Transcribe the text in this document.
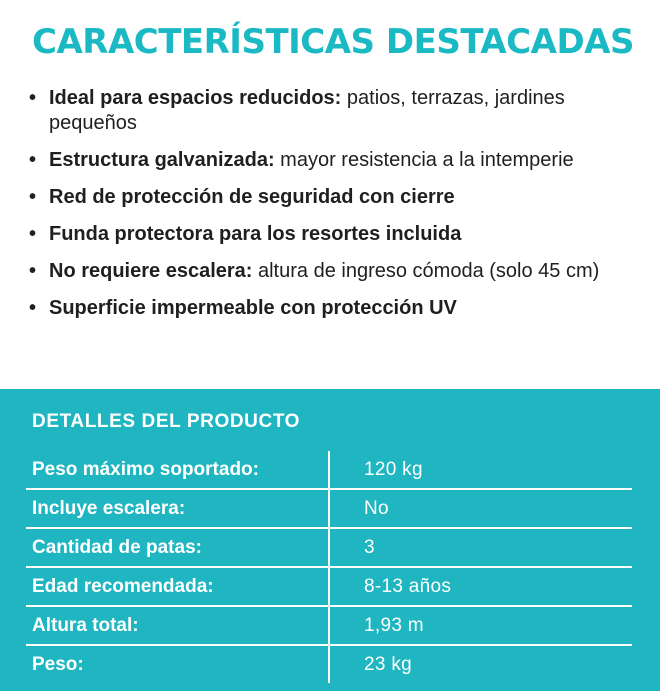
CARACTERÍSTICAS DESTACADAS
• Ideal para espacios reducidos: patios, terrazas, jardines pequeños
• Estructura galvanizada: mayor resistencia a la intemperie
• Red de protección de seguridad con cierre
• Funda protectora para los resortes incluida
• No requiere escalera: altura de ingreso cómoda (solo 45 cm)
• Superficie impermeable con protección UV
DETALLES DEL PRODUCTO
Peso máximo soportado:	120 kg
Incluye escalera:	No
Cantidad de patas:	3
Edad recomendada:	8-13 años
Altura total:	1,93 m
Peso:	23 kg
